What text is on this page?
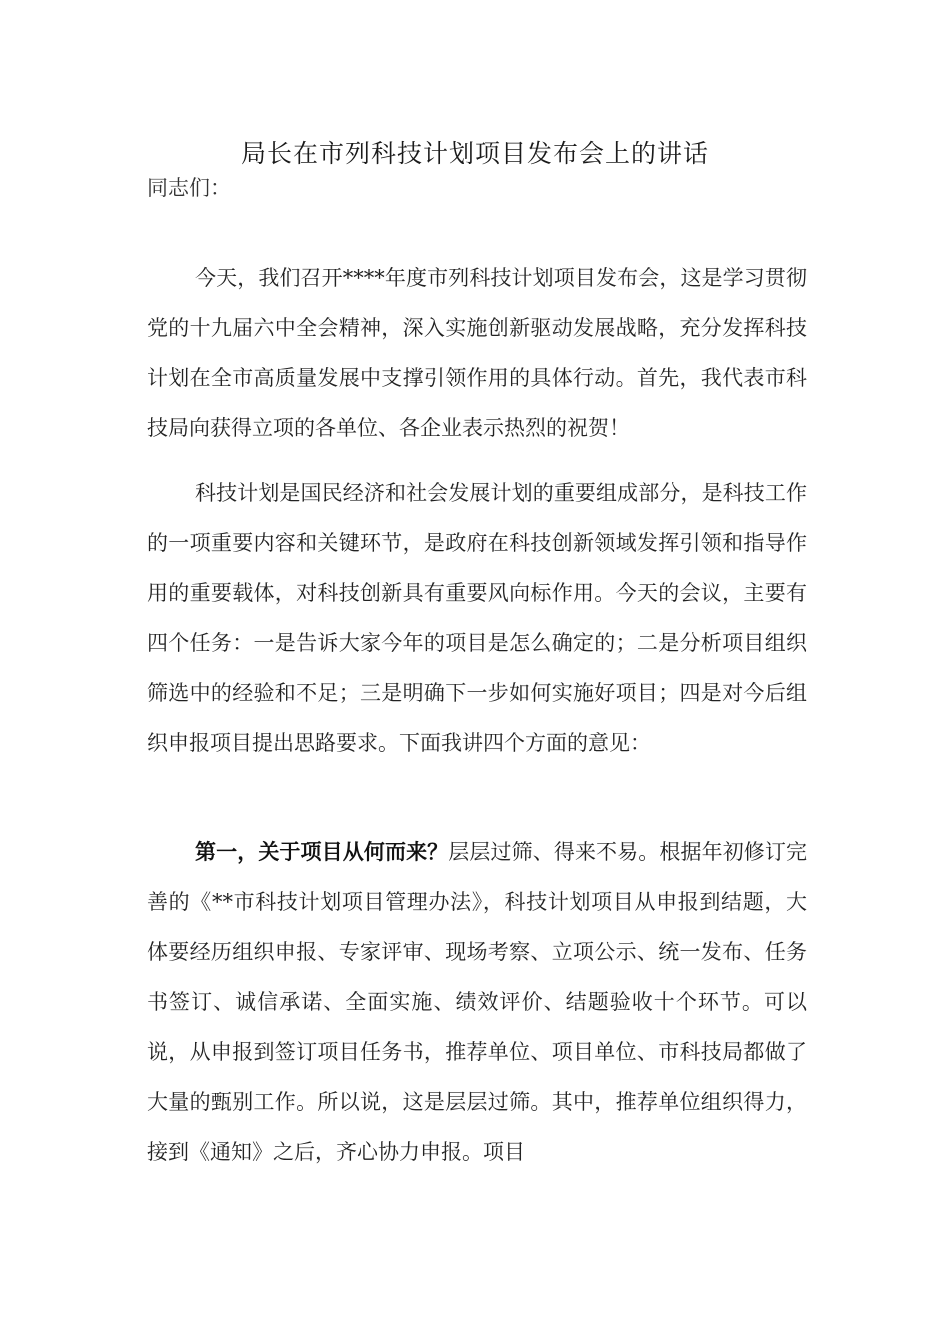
局长在市列科技计划项目发布会上的讲话
同志们：

今天，我们召开****年度市列科技计划项目发布会，这是学习贯彻党的十九届六中全会精神，深入实施创新驱动发展战略，充分发挥科技计划在全市高质量发展中支撑引领作用的具体行动。首先，我代表市科技局向获得立项的各单位、各企业表示热烈的祝贺！

科技计划是国民经济和社会发展计划的重要组成部分，是科技工作的一项重要内容和关键环节，是政府在科技创新领域发挥引领和指导作用的重要载体，对科技创新具有重要风向标作用。今天的会议，主要有四个任务：一是告诉大家今年的项目是怎么确定的；二是分析项目组织筛选中的经验和不足；三是明确下一步如何实施好项目；四是对今后组织申报项目提出思路要求。下面我讲四个方面的意见：

第一，关于项目从何而来？层层过筛、得来不易。根据年初修订完善的《**市科技计划项目管理办法》，科技计划项目从申报到结题，大体要经历组织申报、专家评审、现场考察、立项公示、统一发布、任务书签订、诚信承诺、全面实施、绩效评价、结题验收十个环节。可以说，从申报到签订项目任务书，推荐单位、项目单位、市科技局都做了大量的甄别工作。所以说，这是层层过筛。其中，推荐单位组织得力，接到《通知》之后，齐心协力申报。项目
